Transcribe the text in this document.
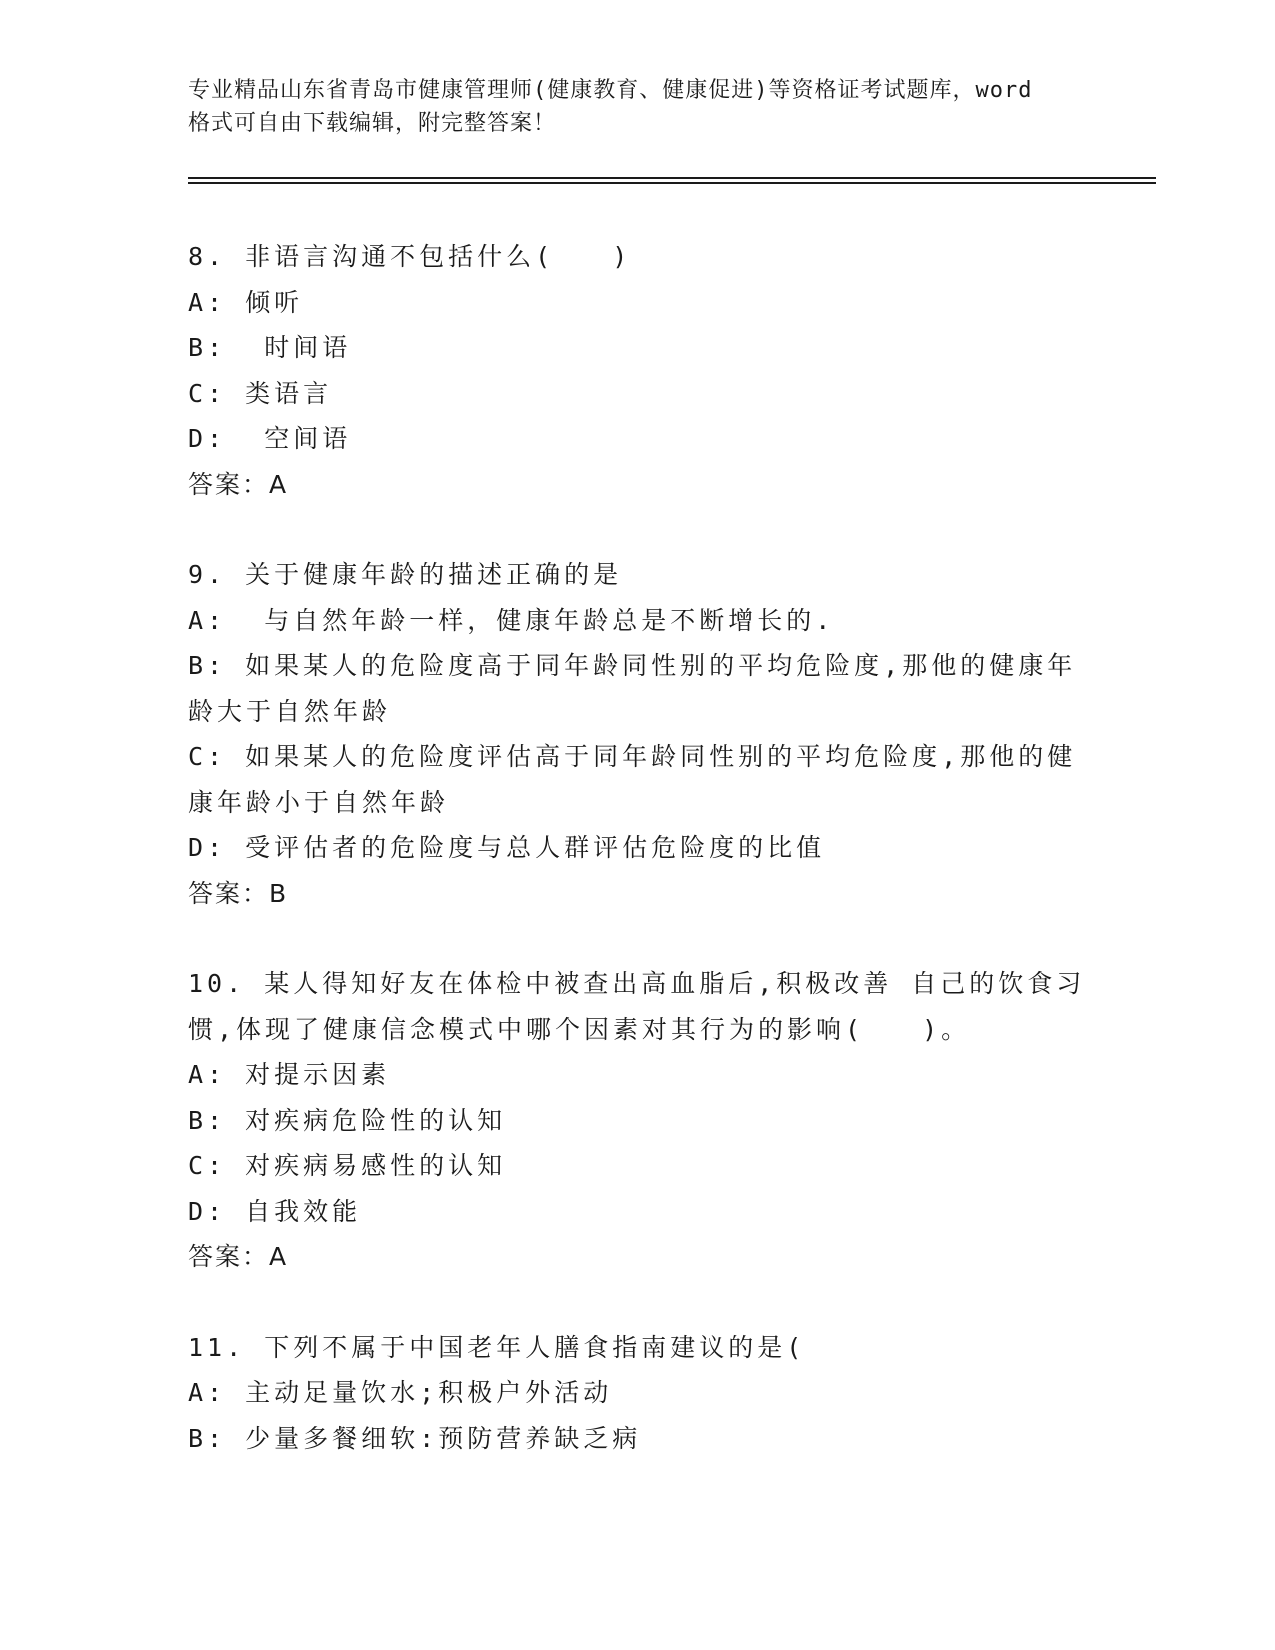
专业精品山东省青岛市健康管理师(健康教育、健康促进)等资格证考试题库，word
格式可自由下载编辑，附完整答案！
8. 非语言沟通不包括什么(　　)
A: 倾听
B:  时间语
C: 类语言
D:  空间语
答案：A
9. 关于健康年龄的描述正确的是
A:  与自然年龄一样，健康年龄总是不断增长的.
B: 如果某人的危险度高于同年龄同性别的平均危险度,那他的健康年
龄大于自然年龄
C: 如果某人的危险度评估高于同年龄同性别的平均危险度,那他的健
康年龄小于自然年龄
D: 受评估者的危险度与总人群评估危险度的比值
答案：B
10. 某人得知好友在体检中被查出高血脂后,积极改善 自己的饮食习
惯,体现了健康信念模式中哪个因素对其行为的影响(　　)。
A: 对提示因素
B: 对疾病危险性的认知
C: 对疾病易感性的认知
D: 自我效能
答案：A
11. 下列不属于中国老年人膳食指南建议的是(
A: 主动足量饮水;积极户外活动
B: 少量多餐细软:预防营养缺乏病
